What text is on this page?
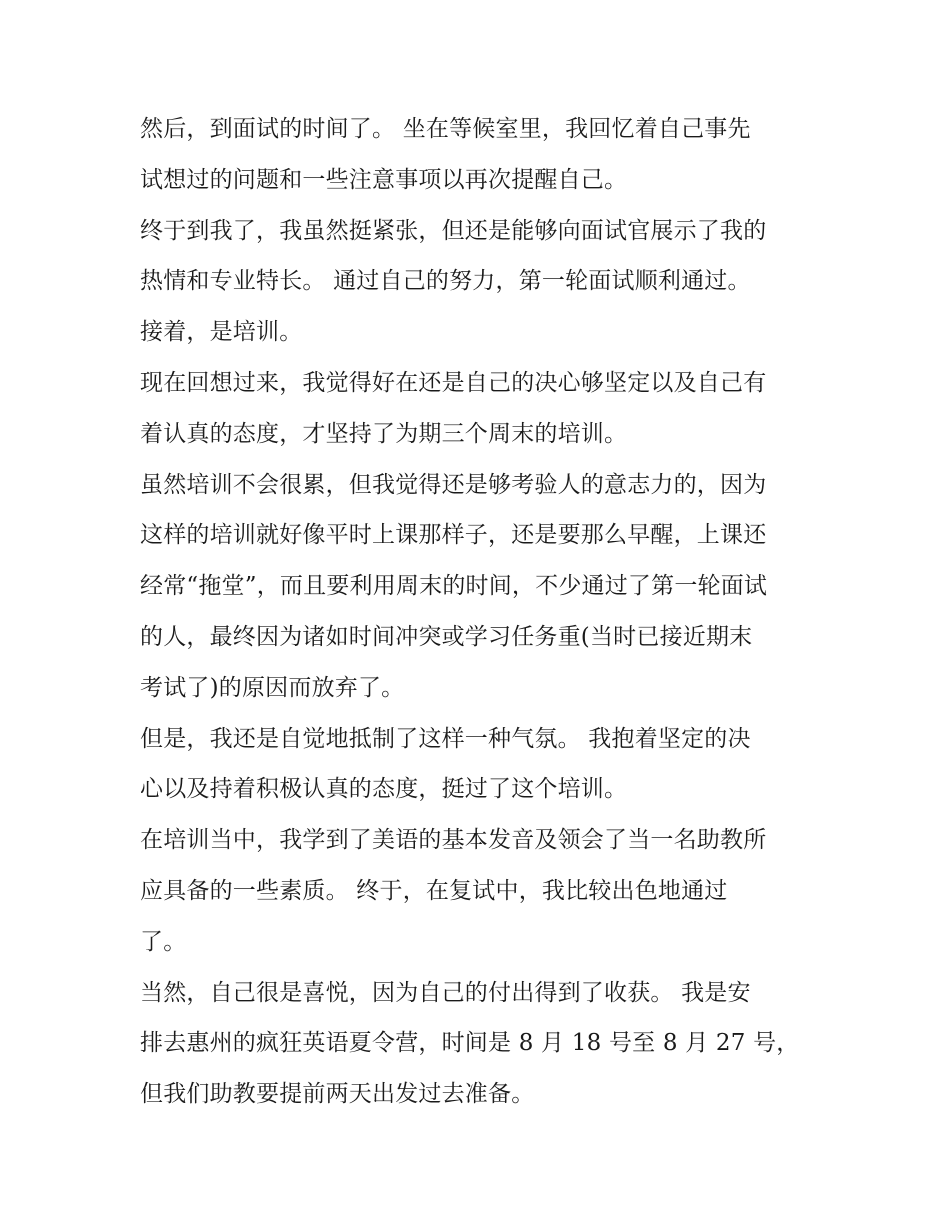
然后，到面试的时间了。 坐在等候室里，我回忆着自己事先
试想过的问题和一些注意事项以再次提醒自己。
终于到我了，我虽然挺紧张，但还是能够向面试官展示了我的
热情和专业特长。 通过自己的努力，第一轮面试顺利通过。
接着，是培训。
现在回想过来，我觉得好在还是自己的决心够坚定以及自己有
着认真的态度，才坚持了为期三个周末的培训。
虽然培训不会很累，但我觉得还是够考验人的意志力的，因为
这样的培训就好像平时上课那样子，还是要那么早醒，上课还
经常“拖堂”，而且要利用周末的时间，不少通过了第一轮面试
的人，最终因为诸如时间冲突或学习任务重(当时已接近期末
考试了)的原因而放弃了。
但是，我还是自觉地抵制了这样一种气氛。 我抱着坚定的决
心以及持着积极认真的态度，挺过了这个培训。
在培训当中，我学到了美语的基本发音及领会了当一名助教所
应具备的一些素质。 终于，在复试中，我比较出色地通过
了。
当然，自己很是喜悦，因为自己的付出得到了收获。 我是安
排去惠州的疯狂英语夏令营，时间是 8 月 18 号至 8 月 27 号，
但我们助教要提前两天出发过去准备。
